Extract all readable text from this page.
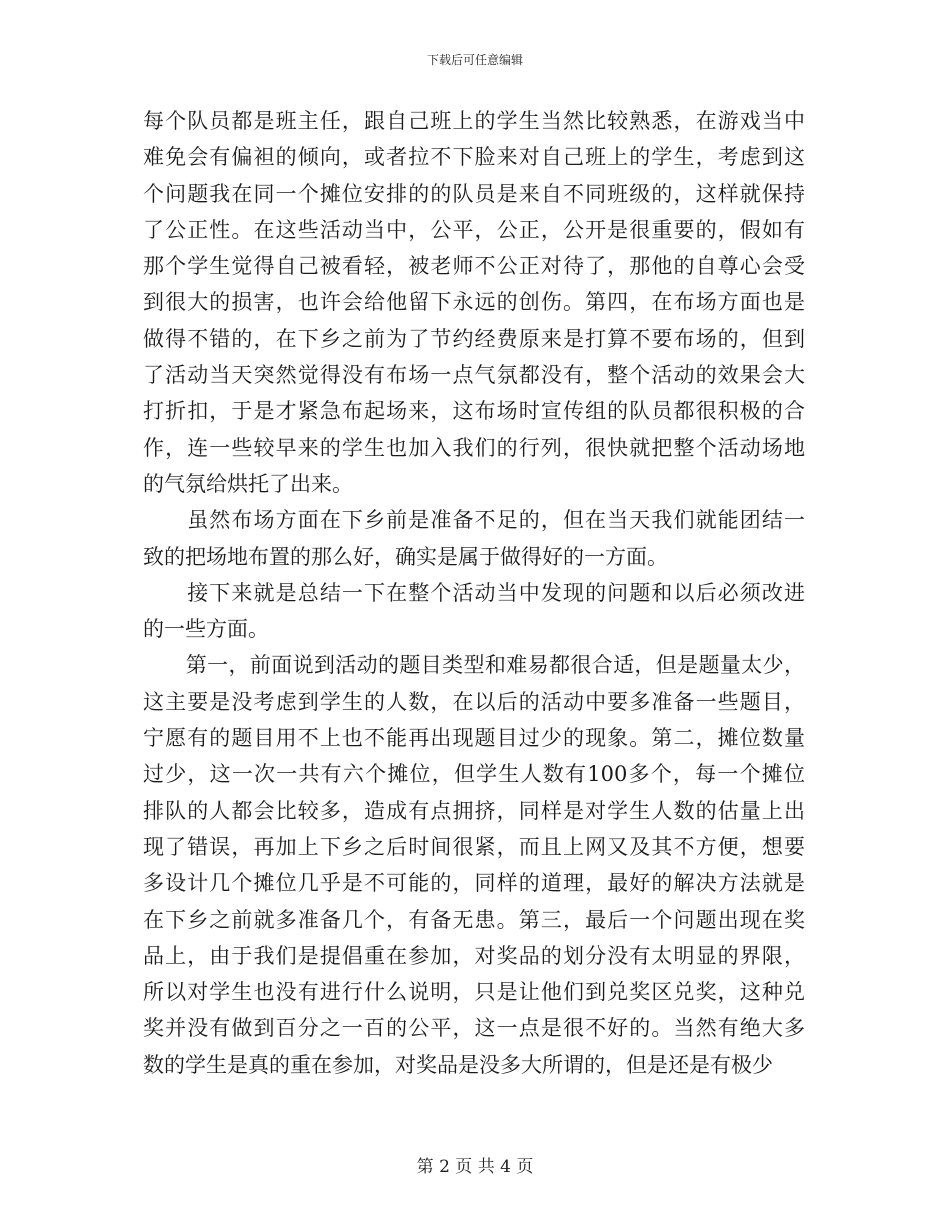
下载后可任意编辑
每个队员都是班主任，跟自己班上的学生当然比较熟悉，在游戏当中
难免会有偏袒的倾向，或者拉不下脸来对自己班上的学生，考虑到这
个问题我在同一个摊位安排的的队员是来自不同班级的，这样就保持
了公正性。在这些活动当中，公平，公正，公开是很重要的，假如有
那个学生觉得自己被看轻，被老师不公正对待了，那他的自尊心会受
到很大的损害，也许会给他留下永远的创伤。第四，在布场方面也是
做得不错的，在下乡之前为了节约经费原来是打算不要布场的，但到
了活动当天突然觉得没有布场一点气氛都没有，整个活动的效果会大
打折扣，于是才紧急布起场来，这布场时宣传组的队员都很积极的合
作，连一些较早来的学生也加入我们的行列，很快就把整个活动场地
的气氛给烘托了出来。
　　虽然布场方面在下乡前是准备不足的，但在当天我们就能团结一
致的把场地布置的那么好，确实是属于做得好的一方面。
　　接下来就是总结一下在整个活动当中发现的问题和以后必须改进
的一些方面。
　　第一，前面说到活动的题目类型和难易都很合适，但是题量太少，
这主要是没考虑到学生的人数，在以后的活动中要多准备一些题目，
宁愿有的题目用不上也不能再出现题目过少的现象。第二，摊位数量
过少，这一次一共有六个摊位，但学生人数有100多个，每一个摊位
排队的人都会比较多，造成有点拥挤，同样是对学生人数的估量上出
现了错误，再加上下乡之后时间很紧，而且上网又及其不方便，想要
多设计几个摊位几乎是不可能的，同样的道理，最好的解决方法就是
在下乡之前就多准备几个，有备无患。第三，最后一个问题出现在奖
品上，由于我们是提倡重在参加，对奖品的划分没有太明显的界限，
所以对学生也没有进行什么说明，只是让他们到兑奖区兑奖，这种兑
奖并没有做到百分之一百的公平，这一点是很不好的。当然有绝大多
数的学生是真的重在参加，对奖品是没多大所谓的，但是还是有极少
第 2 页 共 4 页
